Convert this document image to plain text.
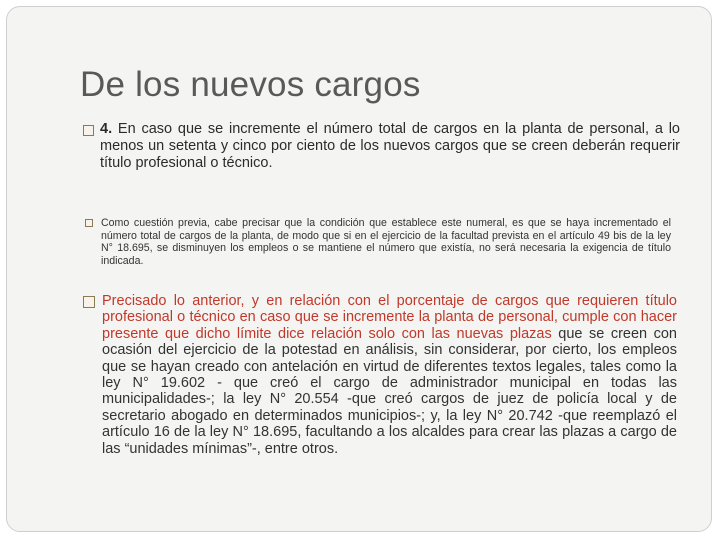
De los nuevos cargos
4. En caso que se incremente el número total de cargos en la planta de personal, a lo menos un setenta y cinco por ciento de los nuevos cargos que se creen deberán requerir título profesional o técnico.
Como cuestión previa, cabe precisar que la condición que establece este numeral, es que se haya incrementado el número total de cargos de la planta, de modo que si en el ejercicio de la facultad prevista en el artículo 49 bis de la ley N° 18.695, se disminuyen los empleos o se mantiene el número que existía, no será necesaria la exigencia de título indicada.
Precisado lo anterior, y en relación con el porcentaje de cargos que requieren título profesional o técnico en caso que se incremente la planta de personal, cumple con hacer presente que dicho límite dice relación solo con las nuevas plazas que se creen con ocasión del ejercicio de la potestad en análisis, sin considerar, por cierto, los empleos que se hayan creado con antelación en virtud de diferentes textos legales, tales como la ley N° 19.602 - que creó el cargo de administrador municipal en todas las municipalidades-; la ley N° 20.554 -que creó cargos de juez de policía local y de secretario abogado en determinados municipios-; y, la ley N° 20.742 -que reemplazó el artículo 16 de la ley N° 18.695, facultando a los alcaldes para crear las plazas a cargo de las “unidades mínimas”-, entre otros.
